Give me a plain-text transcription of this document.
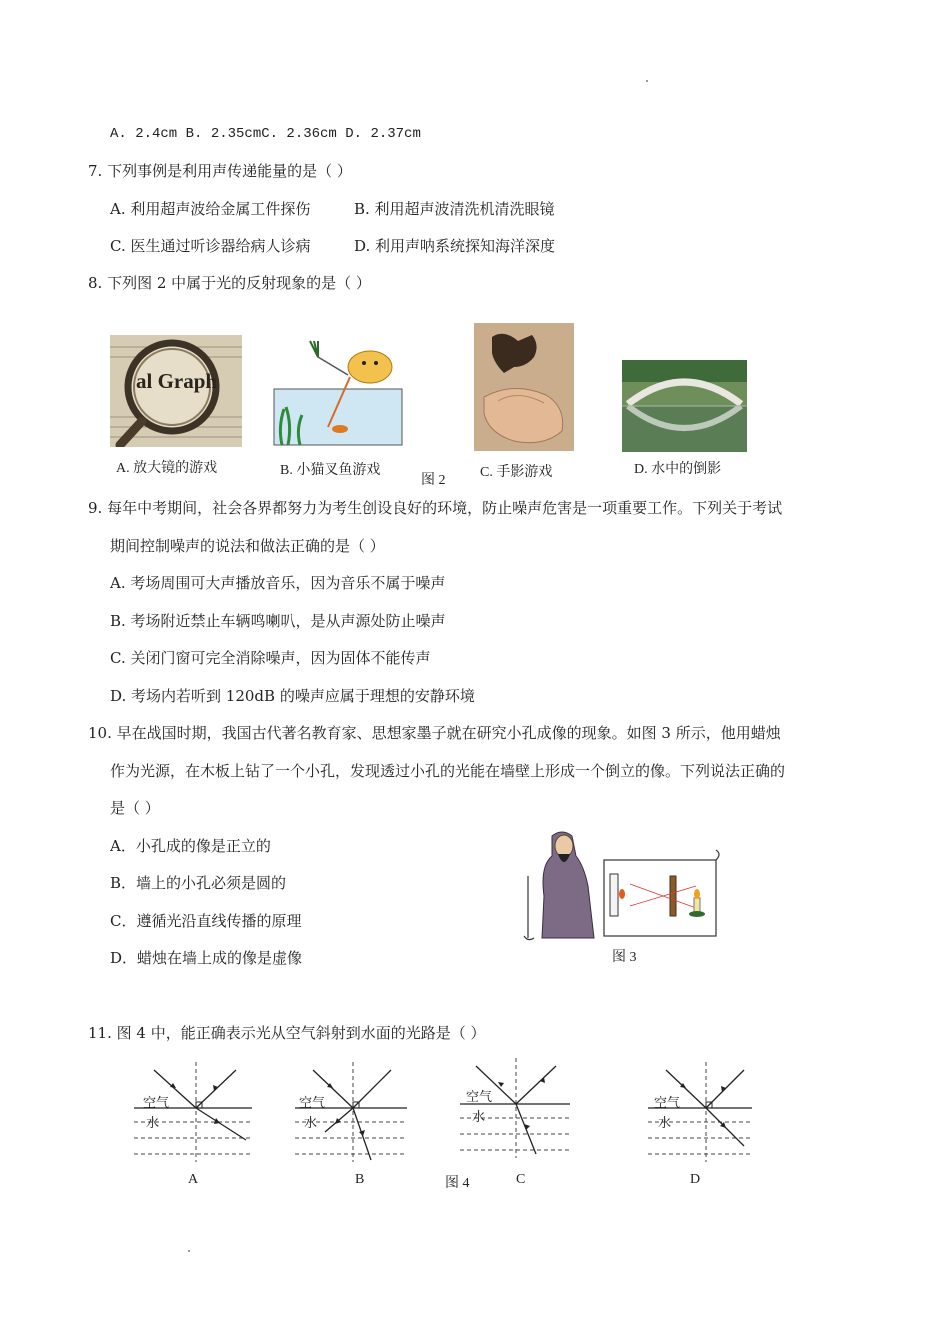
A. 2.4cm B. 2.35cmC. 2.36cm D. 2.37cm
7. 下列事例是利用声传递能量的是（ ）
A. 利用超声波给金属工件探伤	B. 利用超声波清洗机清洗眼镜
C. 医生通过听诊器给病人诊病	D. 利用声呐系统探知海洋深度
8. 下列图 2 中属于光的反射现象的是（ ）
al Graph
A. 放大镜的游戏	B. 小猫叉鱼游戏
图 2
C. 手影游戏	D. 水中的倒影
9. 每年中考期间，社会各界都努力为考生创设良好的环境，防止噪声危害是一项重要工作。下列关于考试
期间控制噪声的说法和做法正确的是（ ）
A. 考场周围可大声播放音乐，因为音乐不属于噪声
B. 考场附近禁止车辆鸣喇叭，是从声源处防止噪声
C. 关闭门窗可完全消除噪声，因为固体不能传声
D. 考场内若听到 120dB 的噪声应属于理想的安静环境
10. 早在战国时期，我国古代著名教育家、思想家墨子就在研究小孔成像的现象。如图 3 所示，他用蜡烛
作为光源，在木板上钻了一个小孔，发现透过小孔的光能在墙壁上形成一个倒立的像。下列说法正确的
是（ ）
A．小孔成的像是正立的
B．墙上的小孔必须是圆的
C．遵循光沿直线传播的原理
D．蜡烛在墙上成的像是虚像	图 3
11. 图 4 中，能正确表示光从空气斜射到水面的光路是（ ）
空气
水
空气
水
空气
水
空气
水
A	B	图 4	C	D
